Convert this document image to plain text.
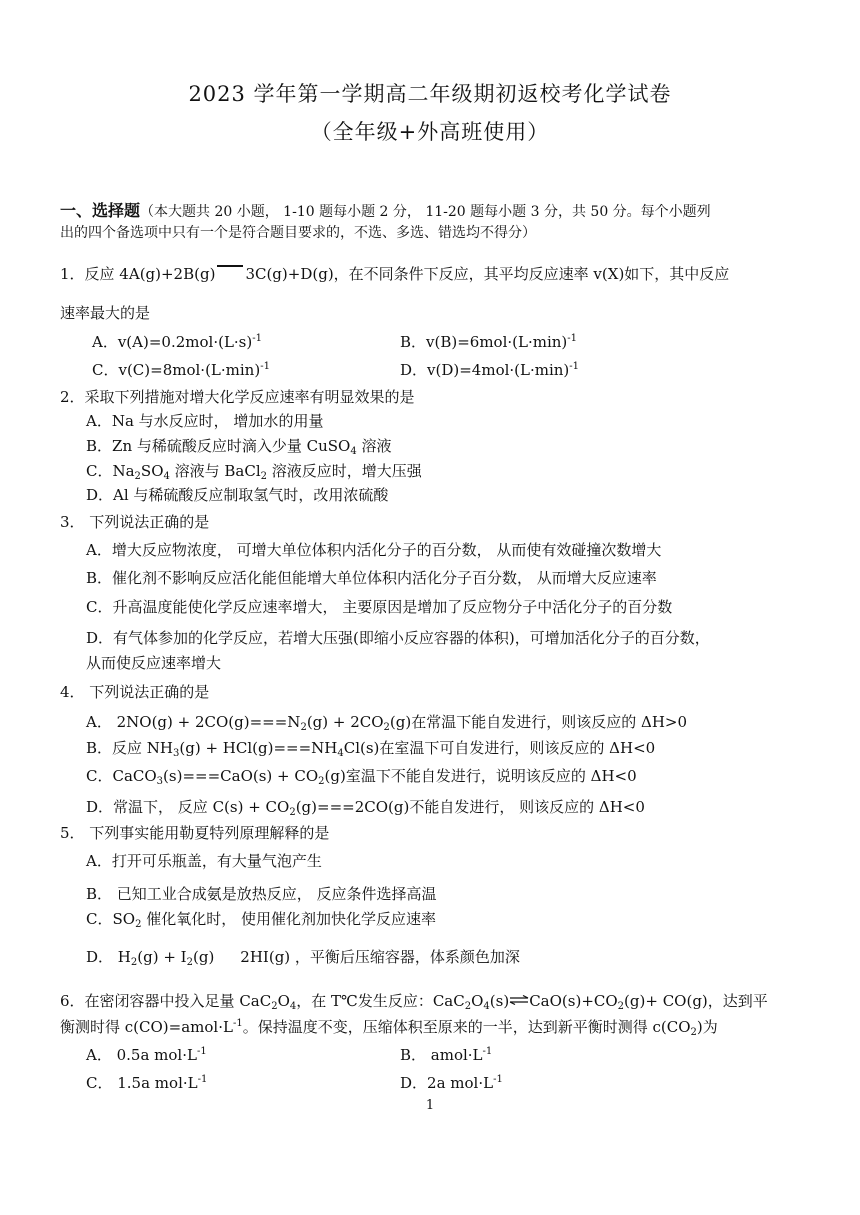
2023 学年第一学期高二年级期初返校考化学试卷
（全年级+外高班使用）
一、选择题（本大题共 20 小题， 1-10 题每小题 2 分， 11-20 题每小题 3 分，共 50 分。每个小题列
出的四个备选项中只有一个是符合题目要求的，不选、多选、错选均不得分）
1．反应 4A(g)+2B(g) 3C(g)+D(g)，在不同条件下反应，其平均反应速率 v(X)如下，其中反应
速率最大的是
A．$v(A)=0.2mol\cdot(L\cdot s)^{-1}$	B．$v(B)=6mol\cdot(L\cdot\min)^{-1}$
C．$v(C)=8mol\cdot(L\cdot\min)^{-1}$	D．$v(D)=4mol\cdot(L\cdot\min)^{-1}$
2．采取下列措施对增大化学反应速率有明显效果的是
A．Na 与水反应时， 增加水的用量
B．Zn 与稀硫酸反应时滴入少量 CuSO$_4$ 溶液
C．$Na_2SO_4$ 溶液与 BaCl$_2$ 溶液反应时，增大压强
D．Al 与稀硫酸反应制取氢气时，改用浓硫酸
3． 下列说法正确的是
A．增大反应物浓度， 可增大单位体积内活化分子的百分数， 从而使有效碰撞次数增大
B．催化剂不影响反应活化能但能增大单位体积内活化分子百分数， 从而增大反应速率
C．升高温度能使化学反应速率增大， 主要原因是增加了反应物分子中活化分子的百分数
D．有气体参加的化学反应，若增大压强(即缩小反应容器的体积)，可增加活化分子的百分数，
从而使反应速率增大
4． 下列说法正确的是
A． $2NO(g) + 2CO(g)===N_2(g) + 2CO_2(g)$在常温下能自发进行，则该反应的 ΔH>0
B．反应 $NH_3(g) + HCl(g)===NH_4Cl(s)$在室温下可自发进行，则该反应的 ΔH<0
C．CaCO$_3$(s)===CaO(s) + $CO_2(g)$室温下不能自发进行，说明该反应的 ΔH<0
D．常温下， 反应 $C(s) + CO_2(g)===2CO(g)$不能自发进行， 则该反应的 ΔH<0
5． 下列事实能用勒夏特列原理解释的是
A．打开可乐瓶盖，有大量气泡产生
B． 已知工业合成氨是放热反应， 反应条件选择高温
C．$SO_2$ 催化氧化时， 使用催化剂加快化学反应速率
D． $H_2(g) + I_2(g)$ 2HI(g) ，平衡后压缩容器，体系颜色加深
6．在密闭容器中投入足量 $CaC_2O_4$，在 T℃发生反应：$CaC_2O_4(s)\rightleftharpoons CaO(s)+CO_2(g)+ CO(g)$，达到平
衡测时得 $c(CO)=amol\cdot L^{-1}$。保持温度不变，压缩体积至原来的一半，达到新平衡时测得 $c(CO_2)$为
A． 0.5a $mol\cdot L^{-1}$	B． $amol\cdot L^{-1}$
C． 1.5a $mol\cdot L^{-1}$	D．2a $mol\cdot L^{-1}$
1
